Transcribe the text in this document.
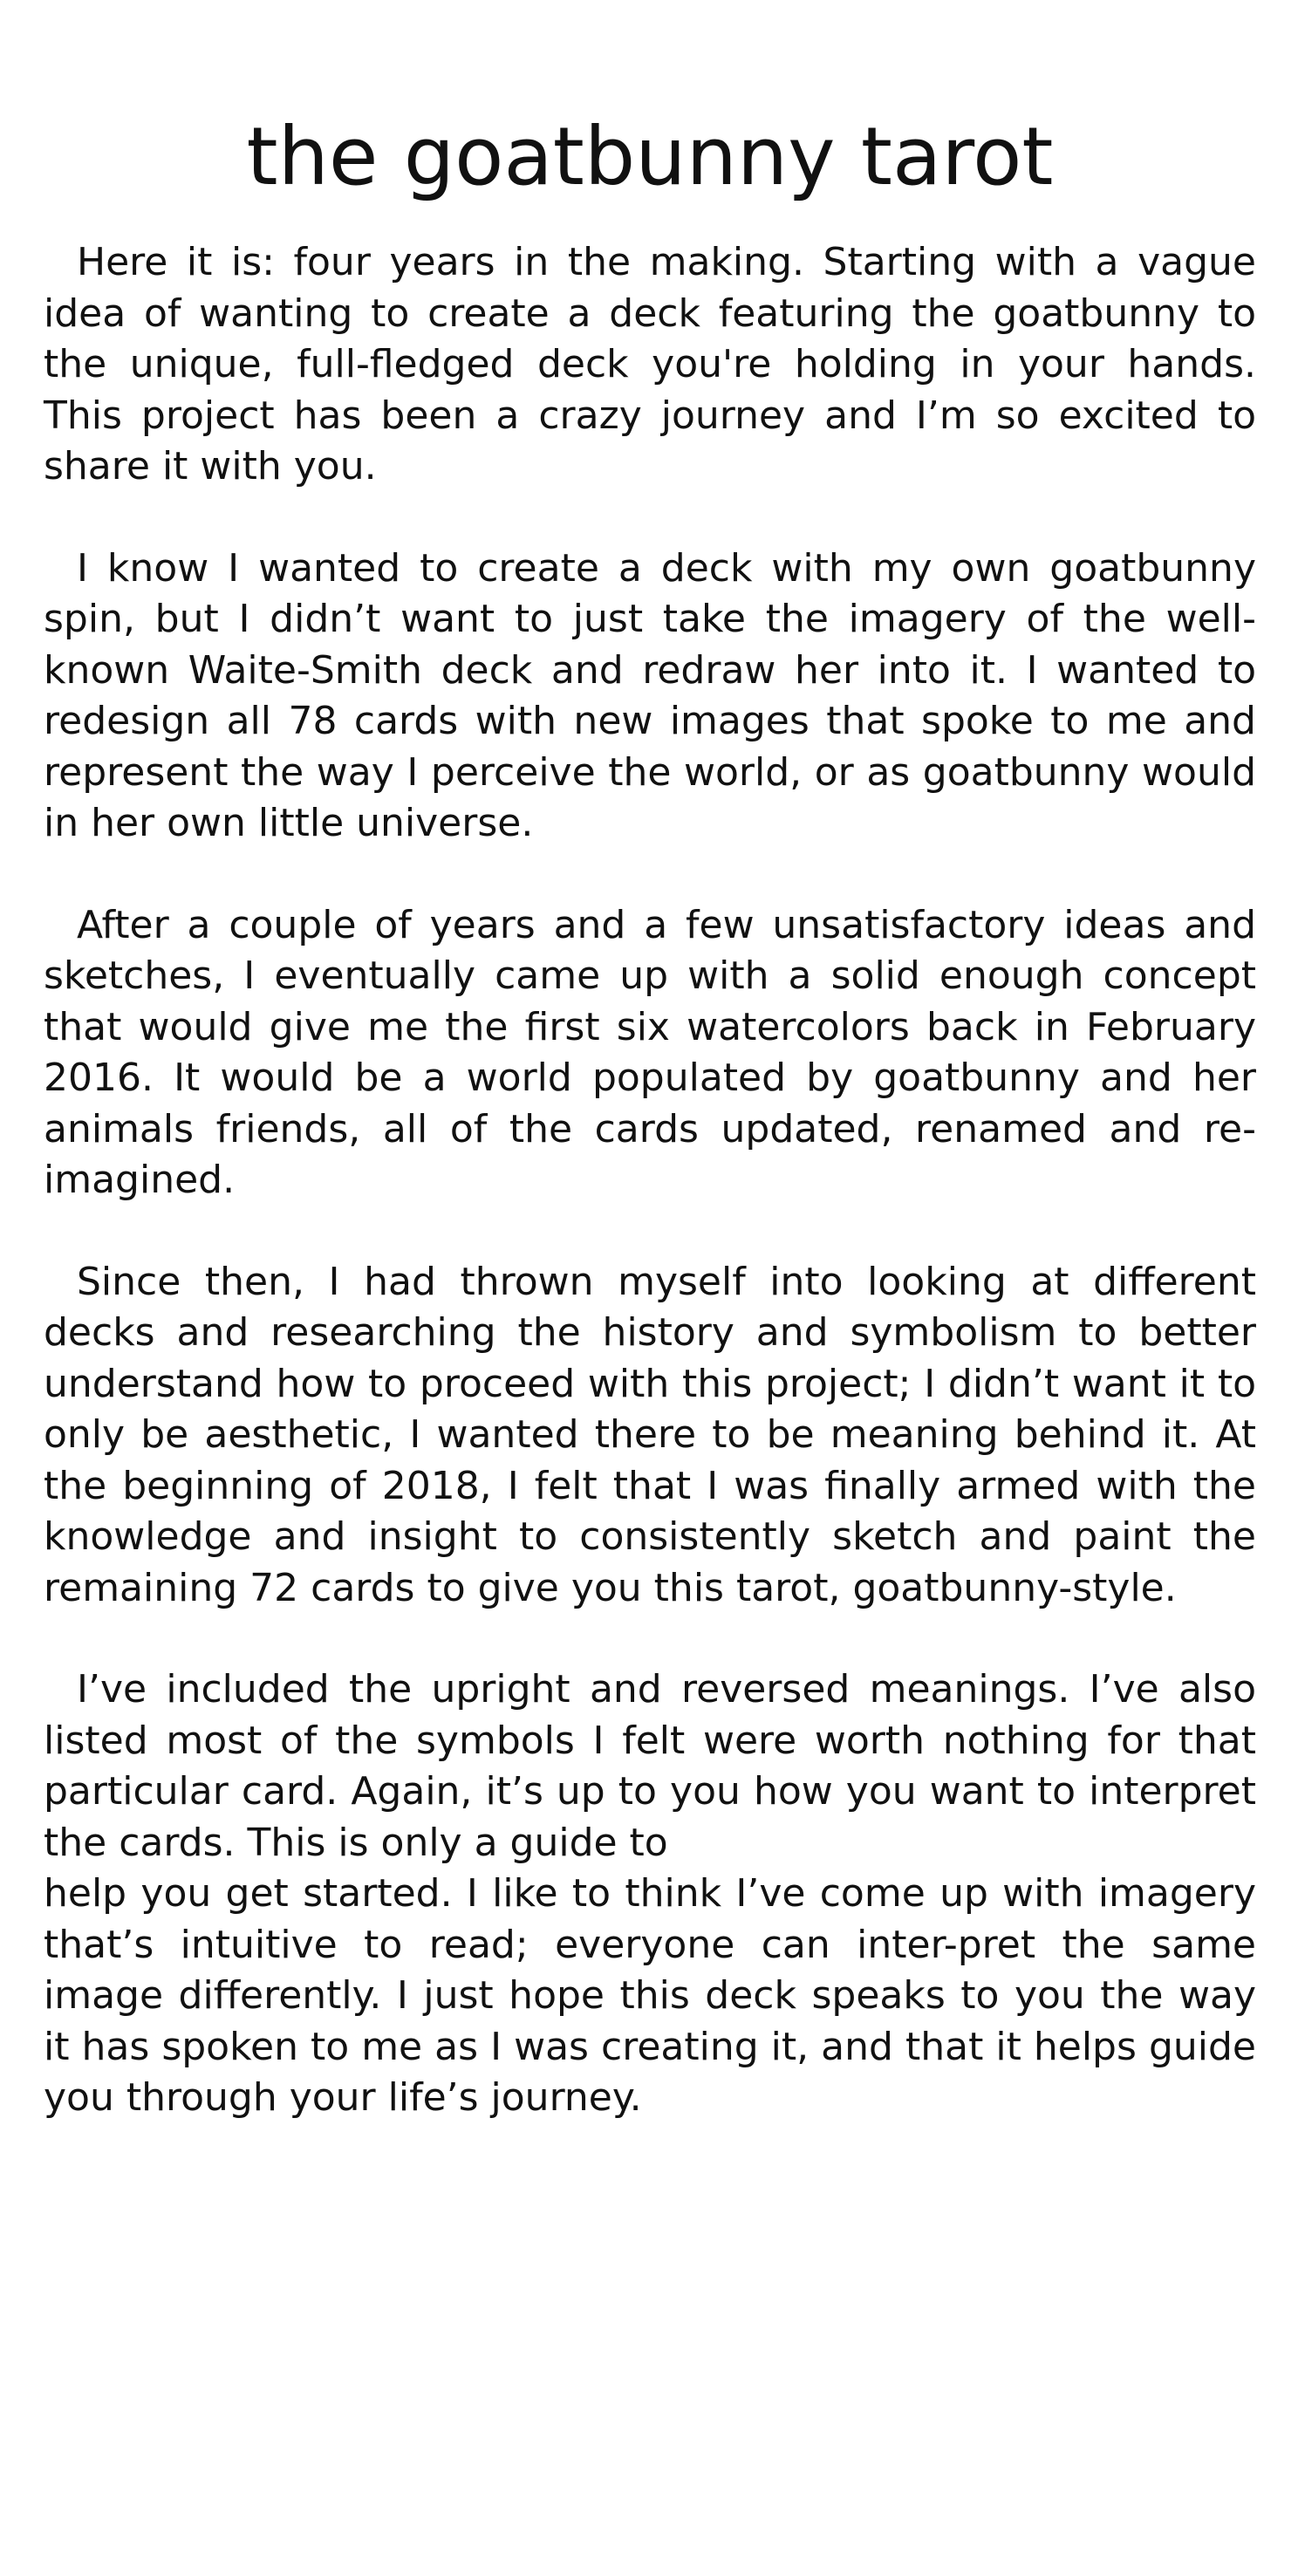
the goatbunny tarot

Here it is: four years in the making. Starting with a vague idea of wanting to create a deck featuring the goatbunny to the unique, full-fledged deck you're holding in your hands. This project has been a crazy journey and I’m so excited to share it with you.

I know I wanted to create a deck with my own goatbunny spin, but I didn’t want to just take the imagery of the well-known Waite-Smith deck and redraw her into it. I wanted to redesign all 78 cards with new images that spoke to me and represent the way I perceive the world, or as goatbunny would in her own little universe.

After a couple of years and a few unsatisfactory ideas and sketches, I eventually came up with a solid enough concept that would give me the first six watercolors back in February 2016. It would be a world populated by goatbunny and her animals friends, all of the cards updated, renamed and re-imagined.

Since then, I had thrown myself into looking at different decks and researching the history and symbolism to better understand how to proceed with this project; I didn’t want it to only be aesthetic, I wanted there to be meaning behind it. At the beginning of 2018, I felt that I was finally armed with the knowledge and insight to consistently sketch and paint the remaining 72 cards to give you this tarot, goatbunny-style.

I’ve included the upright and reversed meanings. I’ve also listed most of the symbols I felt were worth nothing for that particular card. Again, it’s up to you how you want to interpret the cards. This is only a guide to
help you get started. I like to think I’ve come up with imagery that’s intuitive to read; everyone can inter-pret the same image differently. I just hope this deck speaks to you the way it has spoken to me as I was creating it, and that it helps guide you through your life’s journey.
